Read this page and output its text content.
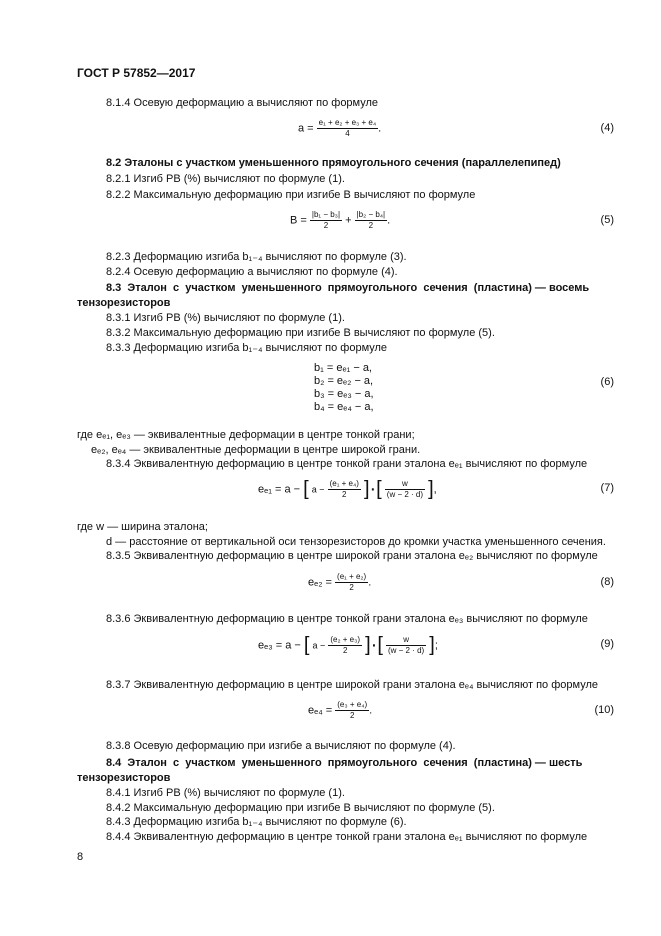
ГОСТ Р 57852—2017
8.1.4 Осевую деформацию a вычисляют по формуле
$a = \frac{\text{e₁ + e₂ + e₃ + e₄}}{4}$ .	(4)
8.2 Эталоны с участком уменьшенного прямоугольного сечения (параллелепипед)
8.2.1 Изгиб PB (%) вычисляют по формуле (1).
8.2.2 Максимальную деформацию при изгибе B вычисляют по формуле
$B = \frac{\text{|b₁ − b₃|}}{2} + \frac{\text{|b₂ − b₄|}}{2}$ .	(5)
8.2.3 Деформацию изгиба b₁₋₄ вычисляют по формуле (3).
8.2.4 Осевую деформацию a вычисляют по формуле (4).
8.3  Эталон  с  участком  уменьшенного  прямоугольного  сечения  (пластина) — восемь
тензорезисторов
8.3.1 Изгиб PB (%) вычисляют по формуле (1).
8.3.2 Максимальную деформацию при изгибе B вычисляют по формуле (5).
8.3.3 Деформацию изгиба b₁₋₄ вычисляют по формуле
b₁ = eₑ₁ − a,
b₂ = eₑ₂ − a,
b₃ = eₑ₃ − a,
b₄ = eₑ₄ − a,
(6)
где eₑ₁, eₑ₃ — эквивалентные деформации в центре тонкой грани;
eₑ₂, eₑ₄ — эквивалентные деформации в центре широкой грани.
8.3.4 Эквивалентную деформацию в центре тонкой грани эталона eₑ₁ вычисляют по формуле
eₑ₁ = a − [ $a - \frac{\text{(e₁ + e₄)}}{2}$ ]·[ $\frac{w}{(w - 2 \cdot d)}$ ],	(7)
где w — ширина эталона;
d — расстояние от вертикальной оси тензорезисторов до кромки участка уменьшенного сечения.
8.3.5 Эквивалентную деформацию в центре широкой грани эталона eₑ₂ вычисляют по формуле
$e_{e2} = \frac{\text{(e₁ + e₂)}}{2}$ .	(8)
8.3.6 Эквивалентную деформацию в центре тонкой грани эталона eₑ₃ вычисляют по формуле
eₑ₃ = a − [ $a - \frac{\text{(e₂ + e₃)}}{2}$ ]·[ $\frac{w}{(w - 2 \cdot d)}$ ];	(9)
8.3.7 Эквивалентную деформацию в центре широкой грани эталона eₑ₄ вычисляют по формуле
$e_{e4} = \frac{\text{(e₃ + e₄)}}{2}$ .	(10)
8.3.8 Осевую деформацию при изгибе a вычисляют по формуле (4).
8.4  Эталон  с  участком  уменьшенного  прямоугольного  сечения  (пластина) — шесть
тензорезисторов
8.4.1 Изгиб PB (%) вычисляют по формуле (1).
8.4.2 Максимальную деформацию при изгибе B вычисляют по формуле (5).
8.4.3 Деформацию изгиба b₁₋₄ вычисляют по формуле (6).
8.4.4 Эквивалентную деформацию в центре тонкой грани эталона eₑ₁ вычисляют по формуле
8
